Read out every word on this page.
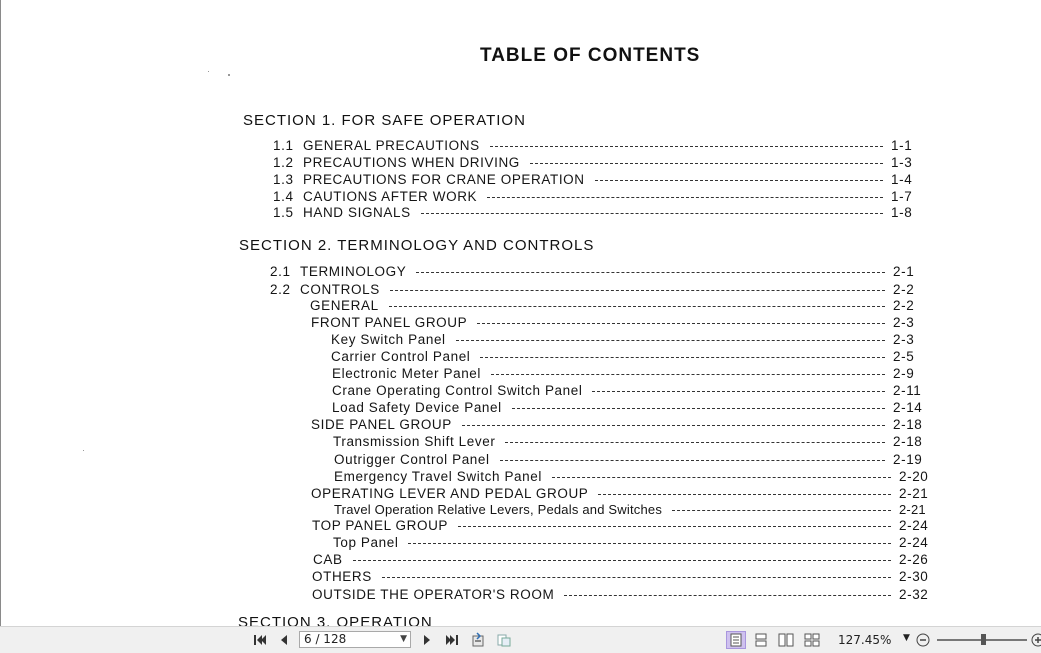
TABLE OF CONTENTS
SECTION 1. FOR SAFE OPERATION
1.1 GENERAL PRECAUTIONS	1-1
1.2 PRECAUTIONS WHEN DRIVING	1-3
1.3 PRECAUTIONS FOR CRANE OPERATION	1-4
1.4 CAUTIONS AFTER WORK	1-7
1.5 HAND SIGNALS	1-8
SECTION 2. TERMINOLOGY AND CONTROLS
2.1 TERMINOLOGY	2-1
2.2 CONTROLS	2-2
GENERAL	2-2
FRONT PANEL GROUP	2-3
Key Switch Panel	2-3
Carrier Control Panel	2-5
Electronic Meter Panel	2-9
Crane Operating Control Switch Panel	2-11
Load Safety Device Panel	2-14
SIDE PANEL GROUP	2-18
Transmission Shift Lever	2-18
Outrigger Control Panel	2-19
Emergency Travel Switch Panel	2-20
OPERATING LEVER AND PEDAL GROUP	2-21
Travel Operation Relative Levers, Pedals and Switches	2-21
TOP PANEL GROUP	2-24
Top Panel	2-24
CAB	2-26
OTHERS	2-30
OUTSIDE THE OPERATOR'S ROOM	2-32
SECTION 3. OPERATION
6 / 128	▼	127.45% ▼
